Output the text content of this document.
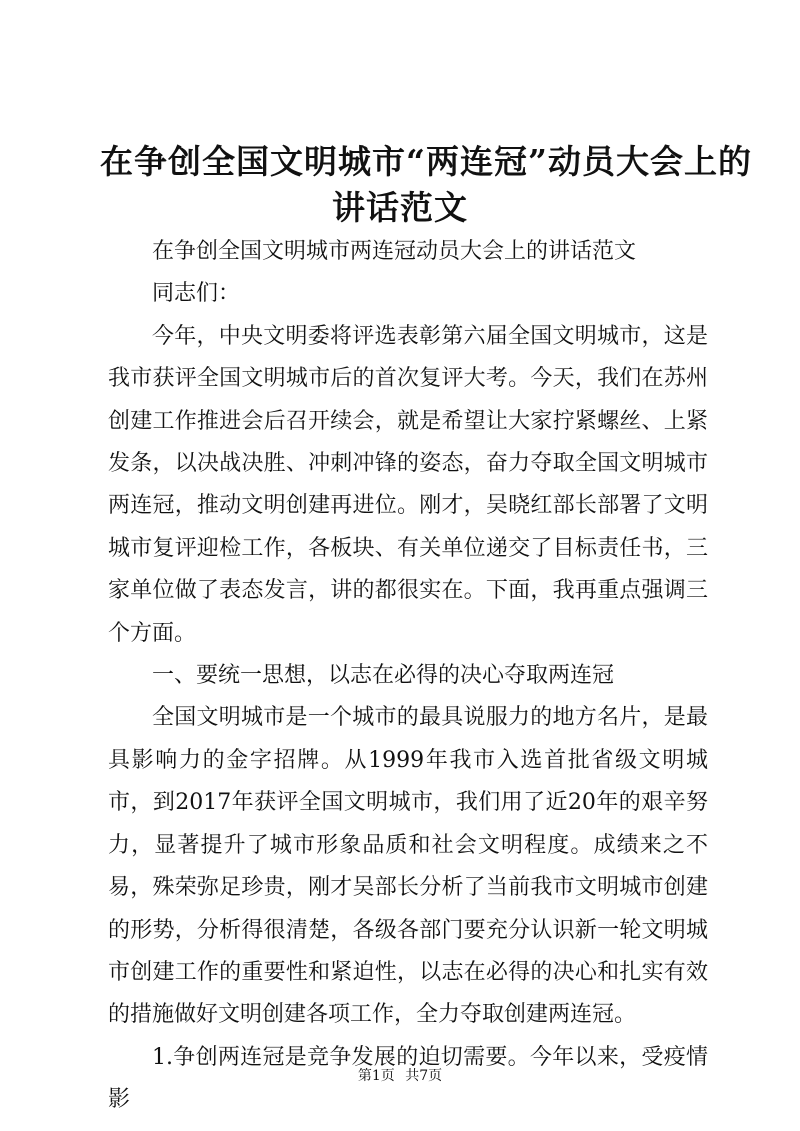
在争创全国文明城市“两连冠”动员大会上的
讲话范文

在争创全国文明城市两连冠动员大会上的讲话范文

同志们：

今年，中央文明委将评选表彰第六届全国文明城市，这是我市获评全国文明城市后的首次复评大考。今天，我们在苏州创建工作推进会后召开续会，就是希望让大家拧紧螺丝、上紧发条，以决战决胜、冲刺冲锋的姿态，奋力夺取全国文明城市两连冠，推动文明创建再进位。刚才，吴晓红部长部署了文明城市复评迎检工作，各板块、有关单位递交了目标责任书，三家单位做了表态发言，讲的都很实在。下面，我再重点强调三个方面。

一、要统一思想，以志在必得的决心夺取两连冠

全国文明城市是一个城市的最具说服力的地方名片，是最具影响力的金字招牌。从1999年我市入选首批省级文明城市，到2017年获评全国文明城市，我们用了近20年的艰辛努力，显著提升了城市形象品质和社会文明程度。成绩来之不易，殊荣弥足珍贵，刚才吴部长分析了当前我市文明城市创建的形势，分析得很清楚，各级各部门要充分认识新一轮文明城市创建工作的重要性和紧迫性，以志在必得的决心和扎实有效的措施做好文明创建各项工作，全力夺取创建两连冠。

1.争创两连冠是竞争发展的迫切需要。今年以来，受疫情影

第1页 共7页
